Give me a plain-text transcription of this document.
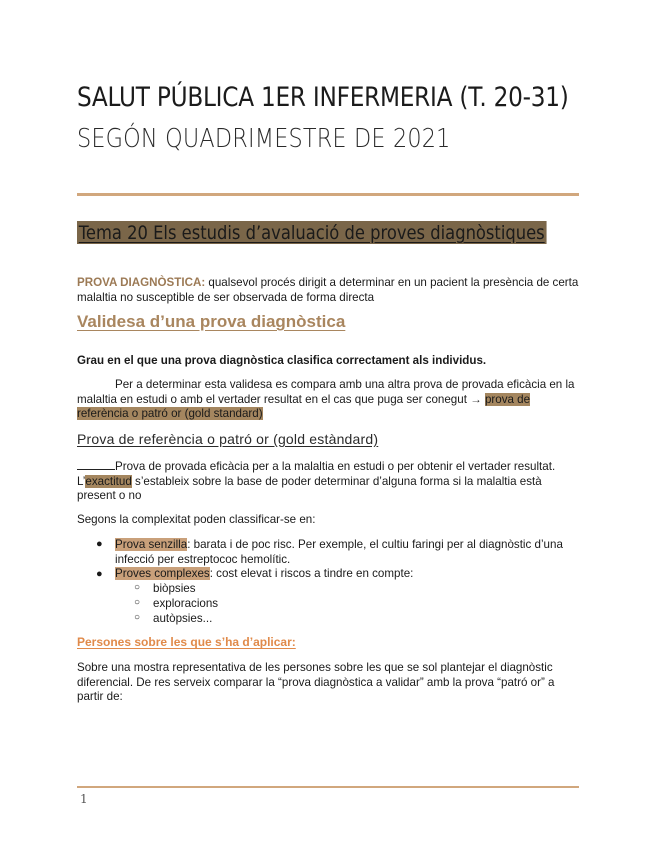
SALUT PÚBLICA 1ER INFERMERIA (T. 20-31)
SEGÓN QUADRIMESTRE DE 2021
Tema 20 Els estudis d’avaluació de proves diagnòstiques
PROVA DIAGNÒSTICA: qualsevol procés dirigit a determinar en un pacient la presència de certa malaltia no susceptible de ser observada de forma directa
Validesa d’una prova diagnòstica
Grau en el que una prova diagnòstica clasifica correctament als individus.
Per a determinar esta validesa es compara amb una altra prova de provada eficàcia en la malaltia en estudi o amb el vertader resultat en el cas que puga ser conegut → prova de referència o patró or (gold standard)
Prova de referència o patró or (gold estàndard)
Prova de provada eficàcia per a la malaltia en estudi o per obtenir el vertader resultat.
L’exactitud s’estableix sobre la base de poder determinar d’alguna forma si la malaltia està present o no
Segons la complexitat poden classificar-se en:
● Prova senzilla: barata i de poc risc. Per exemple, el cultiu faringi per al diagnòstic d’una infecció per estreptococ hemolític.
● Proves complexes: cost elevat i riscos a tindre en compte:
○ biòpsies
○ exploracions
○ autòpsies...
Persones sobre les que s’ha d’aplicar:
Sobre una mostra representativa de les persones sobre les que se sol plantejar el diagnòstic diferencial. De res serveix comparar la “prova diagnòstica a validar” amb la prova “patró or” a partir de:
1
